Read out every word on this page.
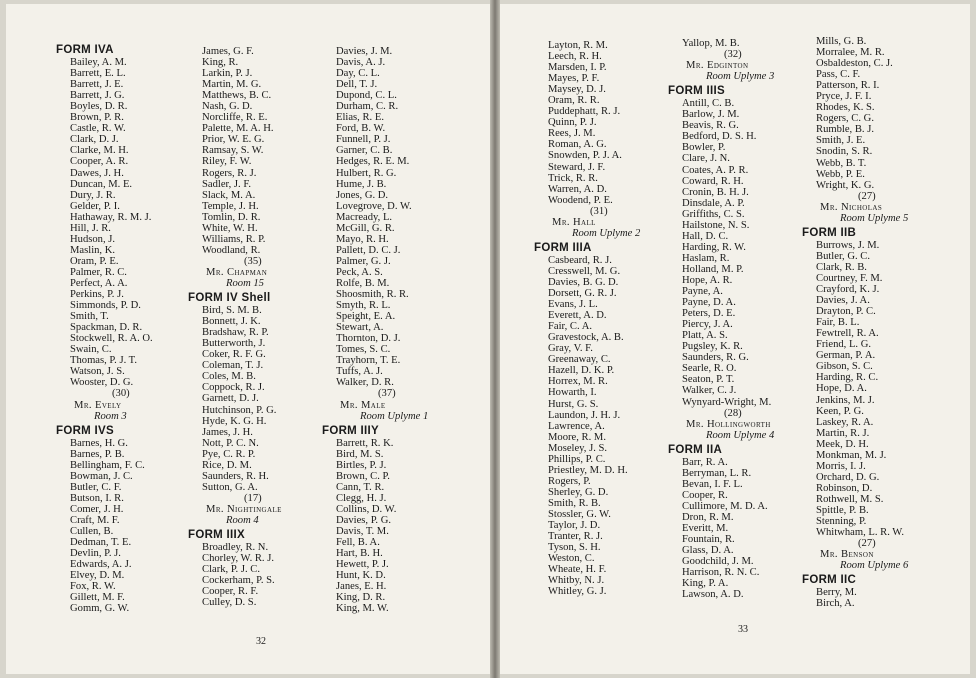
FORM IVA
Bailey, A. M.
Barrett, E. L.
Barrett, J. E.
Barrett, J. G.
Boyles, D. R.
Brown, P. R.
Castle, R. W.
Clark, D. J.
Clarke, M. H.
Cooper, A. R.
Dawes, J. H.
Duncan, M. E.
Dury, J. R.
Gelder, P. I.
Hathaway, R. M. J.
Hill, J. R.
Hudson, J.
Maslin, K.
Oram, P. E.
Palmer, R. C.
Perfect, A. A.
Perkins, P. J.
Simmonds, P. D.
Smith, T.
Spackman, D. R.
Stockwell, R. A. O.
Swain, C.
Thomas, P. J. T.
Watson, J. S.
Wooster, D. G.
(30)
Mr. Evely
Room 3
FORM IVS
Barnes, H. G.
Barnes, P. B.
Bellingham, F. C.
Bowman, J. C.
Butler, C. F.
Butson, I. R.
Comer, J. H.
Craft, M. F.
Cullen, B.
Dedman, T. E.
Devlin, P. J.
Edwards, A. J.
Elvey, D. M.
Fox, R. W.
Gillett, M. F.
Gomm, G. W.
James, G. F.
King, R.
Larkin, P. J.
Martin, M. G.
Matthews, B. C.
Nash, G. D.
Norcliffe, R. E.
Palette, M. A. H.
Prior, W. E. G.
Ramsay, S. W.
Riley, F. W.
Rogers, R. J.
Sadler, J. F.
Slack, M. A.
Temple, J. H.
Tomlin, D. R.
White, W. H.
Williams, R. P.
Woodland, R.
(35)
Mr. Chapman
Room 15
FORM IV Shell
Bird, S. M. B.
Bonnett, J. K.
Bradshaw, R. P.
Butterworth, J.
Coker, R. F. G.
Coleman, T. J.
Coles, M. B.
Coppock, R. J.
Garnett, D. J.
Hutchinson, P. G.
Hyde, K. G. H.
James, J. H.
Nott, P. C. N.
Pye, C. R. P.
Rice, D. M.
Saunders, R. H.
Sutton, G. A.
(17)
Mr. Nightingale
Room 4
FORM IIIX
Broadley, R. N.
Chorley, W. R. J.
Clark, P. J. C.
Cockerham, P. S.
Cooper, R. F.
Culley, D. S.
Davies, J. M.
Davis, A. J.
Day, C. L.
Dell, T. J.
Dupond, C. L.
Durham, C. R.
Elias, R. E.
Ford, B. W.
Funnell, P. J.
Garner, C. B.
Hedges, R. E. M.
Hulbert, R. G.
Hume, J. B.
Jones, G. D.
Lovegrove, D. W.
Macready, L.
McGill, G. R.
Mayo, R. H.
Pallett, D. C. J.
Palmer, G. J.
Peck, A. S.
Rolfe, B. M.
Shoosmith, R. R.
Smyth, R. L.
Speight, E. A.
Stewart, A.
Thornton, D. J.
Tomes, S. C.
Trayhorn, T. E.
Tuffs, A. J.
Walker, D. R.
(37)
Mr. Male
Room Uplyme 1
FORM IIIY
Barrett, R. K.
Bird, M. S.
Birtles, P. J.
Brown, C. P.
Cann, T. R.
Clegg, H. J.
Collins, D. W.
Davies, P. G.
Davis, T. M.
Fell, B. A.
Hart, B. H.
Hewett, P. J.
Hunt, K. D.
Janes, E. H.
King, D. R.
King, M. W.
Layton, R. M.
Leech, R. H.
Marsden, I. P.
Mayes, P. F.
Maysey, D. J.
Oram, R. R.
Puddephatt, R. J.
Quinn, P. J.
Rees, J. M.
Roman, A. G.
Snowden, P. J. A.
Steward, J. F.
Trick, R. R.
Warren, A. D.
Woodend, P. E.
(31)
Mr. Hall
Room Uplyme 2
FORM IIIA
Casbeard, R. J.
Cresswell, M. G.
Davies, B. G. D.
Dorsett, G. R. J.
Evans, J. L.
Everett, A. D.
Fair, C. A.
Gravestock, A. B.
Gray, V. F.
Greenaway, C.
Hazell, D. K. P.
Horrex, M. R.
Howarth, I.
Hurst, G. S.
Laundon, J. H. J.
Lawrence, A.
Moore, R. M.
Moseley, J. S.
Phillips, P. C.
Priestley, M. D. H.
Rogers, P.
Sherley, G. D.
Smith, R. B.
Stossler, G. W.
Taylor, J. D.
Tranter, R. J.
Tyson, S. H.
Weston, C.
Wheate, H. F.
Whitby, N. J.
Whitley, G. J.
Yallop, M. B.
(32)
Mr. Edginton
Room Uplyme 3
FORM IIIS
Antill, C. B.
Barlow, J. M.
Beavis, R. G.
Bedford, D. S. H.
Bowler, P.
Clare, J. N.
Coates, A. P. R.
Coward, R. H.
Cronin, B. H. J.
Dinsdale, A. P.
Griffiths, C. S.
Hailstone, N. S.
Hall, D. C.
Harding, R. W.
Haslam, R.
Holland, M. P.
Hope, A. R.
Payne, A.
Payne, D. A.
Peters, D. E.
Piercy, J. A.
Platt, A. S.
Pugsley, K. R.
Saunders, R. G.
Searle, R. O.
Seaton, P. T.
Walker, C. J.
Wynyard-Wright, M.
(28)
Mr. Hollingworth
Room Uplyme 4
FORM IIA
Barr, R. A.
Berryman, L. R.
Bevan, I. F. L.
Cooper, R.
Cullimore, M. D. A.
Dron, R. M.
Everitt, M.
Fountain, R.
Glass, D. A.
Goodchild, J. M.
Harrison, R. N. C.
King, P. A.
Lawson, A. D.
Mills, G. B.
Morralee, M. R.
Osbaldeston, C. J.
Pass, C. F.
Patterson, R. I.
Pryce, J. F. I.
Rhodes, K. S.
Rogers, C. G.
Rumble, B. J.
Smith, J. E.
Snodin, S. R.
Webb, B. T.
Webb, P. E.
Wright, K. G.
(27)
Mr. Nicholas
Room Uplyme 5
FORM IIB
Burrows, J. M.
Butler, G. C.
Clark, R. B.
Courtney, F. M.
Crayford, K. J.
Davies, J. A.
Drayton, P. C.
Fair, B. L.
Fewtrell, R. A.
Friend, L. G.
German, P. A.
Gibson, S. C.
Harding, R. C.
Hope, D. A.
Jenkins, M. J.
Keen, P. G.
Laskey, R. A.
Martin, R. J.
Meek, D. H.
Monkman, M. J.
Morris, I. J.
Orchard, D. G.
Robinson, D.
Rothwell, M. S.
Spittle, P. B.
Stenning, P.
Whitwham, L. R. W.
(27)
Mr. Benson
Room Uplyme 6
FORM IIC
Berry, M.
Birch, A.
32
33
